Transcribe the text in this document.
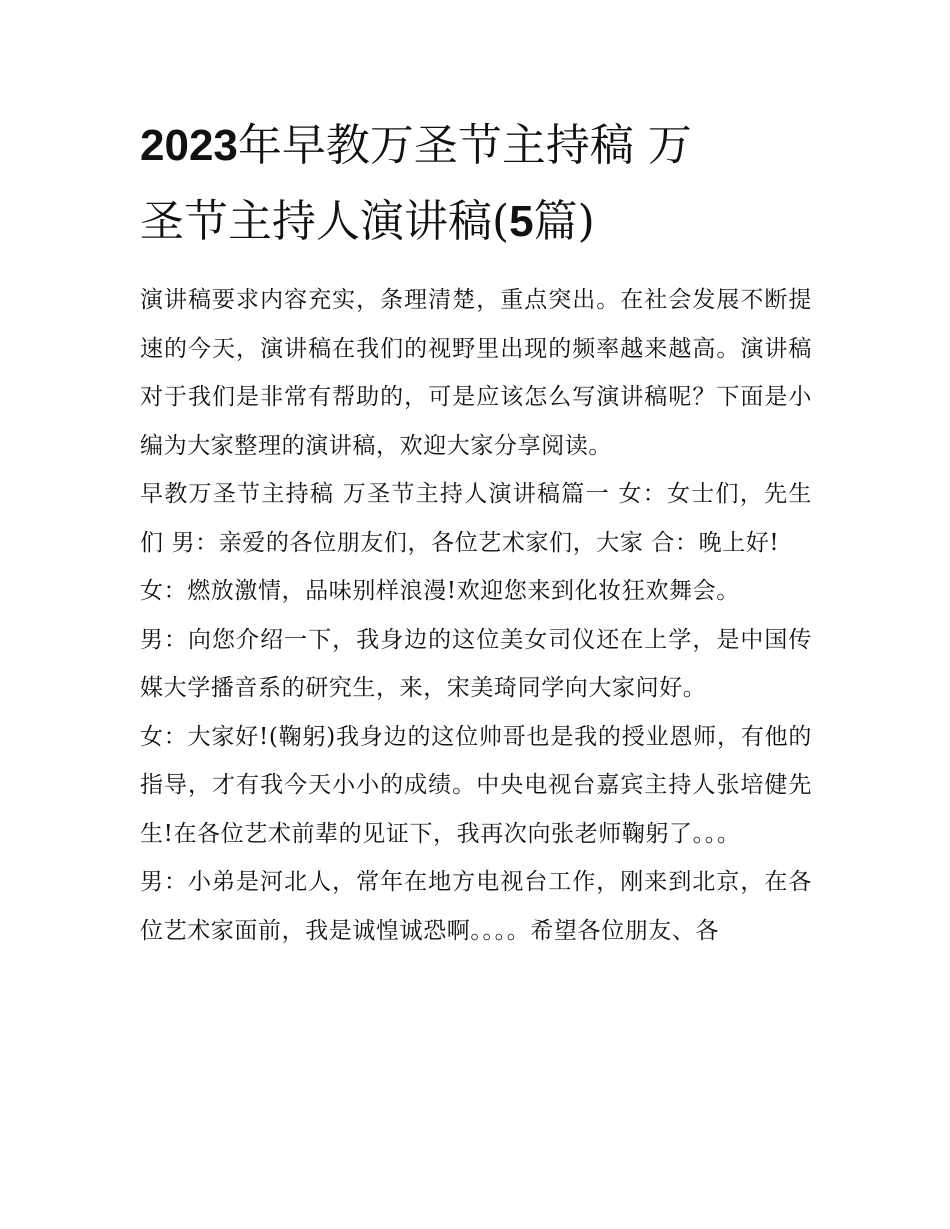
2023年早教万圣节主持稿 万
圣节主持人演讲稿(5篇)

演讲稿要求内容充实，条理清楚，重点突出。在社会发展不断提速的今天，演讲稿在我们的视野里出现的频率越来越高。演讲稿对于我们是非常有帮助的，可是应该怎么写演讲稿呢？下面是小编为大家整理的演讲稿，欢迎大家分享阅读。

早教万圣节主持稿 万圣节主持人演讲稿篇一 女：女士们，先生们 男：亲爱的各位朋友们，各位艺术家们，大家 合：晚上好!

女：燃放激情，品味别样浪漫!欢迎您来到化妆狂欢舞会。

男：向您介绍一下，我身边的这位美女司仪还在上学，是中国传媒大学播音系的研究生，来，宋美琦同学向大家问好。

女：大家好!(鞠躬)我身边的这位帅哥也是我的授业恩师，有他的指导，才有我今天小小的成绩。中央电视台嘉宾主持人张培健先生!在各位艺术前辈的见证下，我再次向张老师鞠躬了。。。

男：小弟是河北人，常年在地方电视台工作，刚来到北京，在各位艺术家面前，我是诚惶诚恐啊。。。。希望各位朋友、各
